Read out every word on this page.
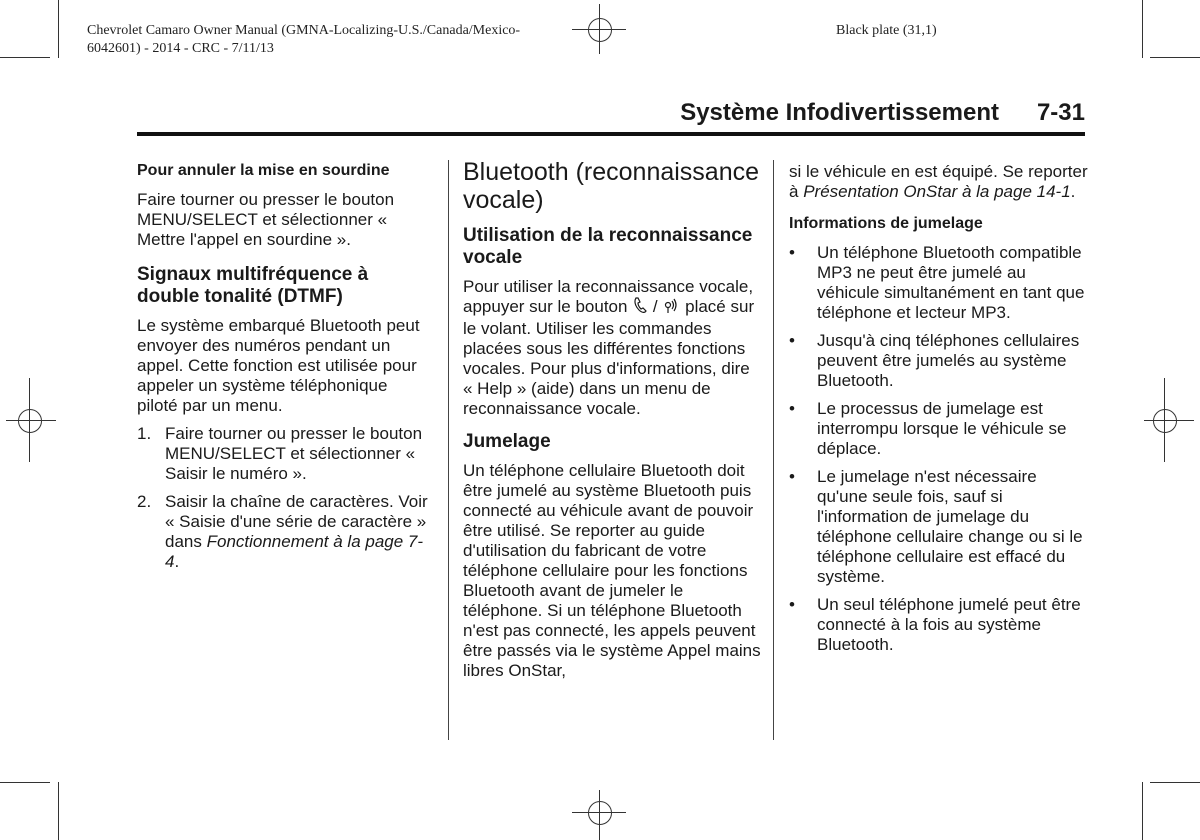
Chevrolet Camaro Owner Manual (GMNA-Localizing-U.S./Canada/Mexico-
6042601) - 2014 - CRC - 7/11/13
Black plate (31,1)
Système Infodivertissement 7-31
Pour annuler la mise en sourdine

Faire tourner ou presser le bouton MENU/SELECT et sélectionner « Mettre l'appel en sourdine ».

Signaux multifréquence à double tonalité (DTMF)

Le système embarqué Bluetooth peut envoyer des numéros pendant un appel. Cette fonction est utilisée pour appeler un système téléphonique piloté par un menu.

1. Faire tourner ou presser le bouton MENU/SELECT et sélectionner « Saisir le numéro ».
2. Saisir la chaîne de caractères. Voir « Saisie d'une série de caractère » dans Fonctionnement à la page 7-4.
Bluetooth (reconnaissance vocale)
Utilisation de la reconnaissance vocale

Pour utiliser la reconnaissance vocale, appuyer sur le bouton / placé sur le volant. Utiliser les commandes placées sous les différentes fonctions vocales. Pour plus d'informations, dire « Help » (aide) dans un menu de reconnaissance vocale.

Jumelage

Un téléphone cellulaire Bluetooth doit être jumelé au système Bluetooth puis connecté au véhicule avant de pouvoir être utilisé. Se reporter au guide d'utilisation du fabricant de votre téléphone cellulaire pour les fonctions Bluetooth avant de jumeler le téléphone. Si un téléphone Bluetooth n'est pas connecté, les appels peuvent être passés via le système Appel mains libres OnStar,

si le véhicule en est équipé. Se reporter à Présentation OnStar à la page 14-1.

Informations de jumelage
• Un téléphone Bluetooth compatible MP3 ne peut être jumelé au véhicule simultanément en tant que téléphone et lecteur MP3.
• Jusqu'à cinq téléphones cellulaires peuvent être jumelés au système Bluetooth.
• Le processus de jumelage est interrompu lorsque le véhicule se déplace.
• Le jumelage n'est nécessaire qu'une seule fois, sauf si l'information de jumelage du téléphone cellulaire change ou si le téléphone cellulaire est effacé du système.
• Un seul téléphone jumelé peut être connecté à la fois au système Bluetooth.
